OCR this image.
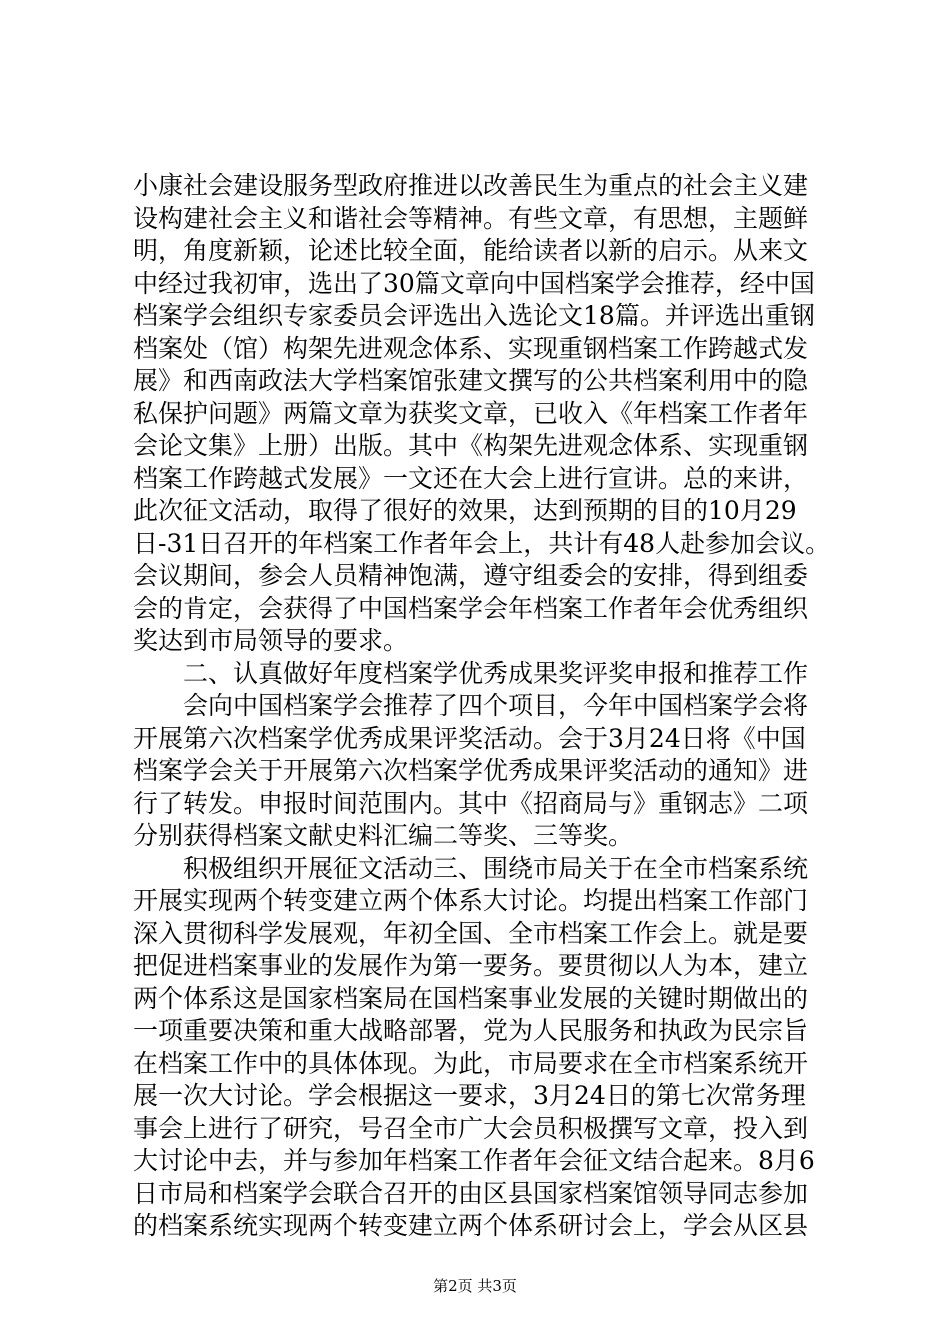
小康社会建设服务型政府推进以改善民生为重点的社会主义建
设构建社会主义和谐社会等精神。有些文章，有思想，主题鲜
明，角度新颖，论述比较全面，能给读者以新的启示。从来文
中经过我初审，选出了30篇文章向中国档案学会推荐，经中国
档案学会组织专家委员会评选出入选论文18篇。并评选出重钢
档案处（馆）构架先进观念体系、实现重钢档案工作跨越式发
展》和西南政法大学档案馆张建文撰写的公共档案利用中的隐
私保护问题》两篇文章为获奖文章，已收入《年档案工作者年
会论文集》上册）出版。其中《构架先进观念体系、实现重钢
档案工作跨越式发展》一文还在大会上进行宣讲。总的来讲，
此次征文活动，取得了很好的效果，达到预期的目的10月29
日-31日召开的年档案工作者年会上，共计有48人赴参加会议。
会议期间，参会人员精神饱满，遵守组委会的安排，得到组委
会的肯定，会获得了中国档案学会年档案工作者年会优秀组织
奖达到市局领导的要求。
二、认真做好年度档案学优秀成果奖评奖申报和推荐工作
会向中国档案学会推荐了四个项目，今年中国档案学会将
开展第六次档案学优秀成果评奖活动。会于3月24日将《中国
档案学会关于开展第六次档案学优秀成果评奖活动的通知》进
行了转发。申报时间范围内。其中《招商局与》重钢志》二项
分别获得档案文献史料汇编二等奖、三等奖。
积极组织开展征文活动三、围绕市局关于在全市档案系统
开展实现两个转变建立两个体系大讨论。均提出档案工作部门
深入贯彻科学发展观，年初全国、全市档案工作会上。就是要
把促进档案事业的发展作为第一要务。要贯彻以人为本，建立
两个体系这是国家档案局在国档案事业发展的关键时期做出的
一项重要决策和重大战略部署，党为人民服务和执政为民宗旨
在档案工作中的具体体现。为此，市局要求在全市档案系统开
展一次大讨论。学会根据这一要求，3月24日的第七次常务理
事会上进行了研究，号召全市广大会员积极撰写文章，投入到
大讨论中去，并与参加年档案工作者年会征文结合起来。8月6
日市局和档案学会联合召开的由区县国家档案馆领导同志参加
的档案系统实现两个转变建立两个体系研讨会上，学会从区县
第2页 共3页
